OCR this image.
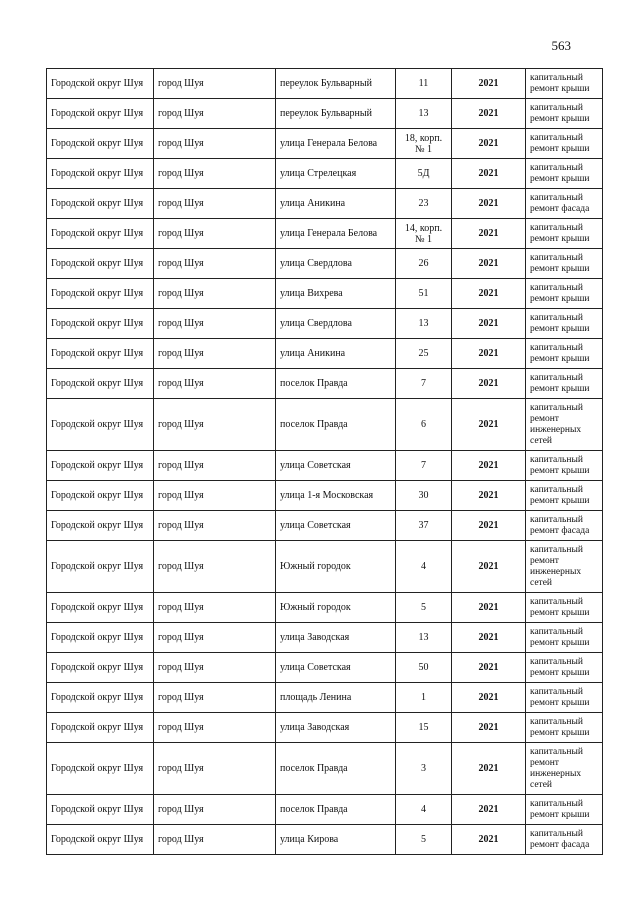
563
Городской округ Шуя	город Шуя	переулок Бульварный	11	2021	капитальный ремонт крыши
Городской округ Шуя	город Шуя	переулок Бульварный	13	2021	капитальный ремонт крыши
Городской округ Шуя	город Шуя	улица Генерала Белова	18, корп. № 1	2021	капитальный ремонт крыши
Городской округ Шуя	город Шуя	улица Стрелецкая	5Д	2021	капитальный ремонт крыши
Городской округ Шуя	город Шуя	улица Аникина	23	2021	капитальный ремонт фасада
Городской округ Шуя	город Шуя	улица Генерала Белова	14, корп. № 1	2021	капитальный ремонт крыши
Городской округ Шуя	город Шуя	улица Свердлова	26	2021	капитальный ремонт крыши
Городской округ Шуя	город Шуя	улица Вихрева	51	2021	капитальный ремонт крыши
Городской округ Шуя	город Шуя	улица Свердлова	13	2021	капитальный ремонт крыши
Городской округ Шуя	город Шуя	улица Аникина	25	2021	капитальный ремонт крыши
Городской округ Шуя	город Шуя	поселок Правда	7	2021	капитальный ремонт крыши
Городской округ Шуя	город Шуя	поселок Правда	6	2021	капитальный ремонт инженерных сетей
Городской округ Шуя	город Шуя	улица Советская	7	2021	капитальный ремонт крыши
Городской округ Шуя	город Шуя	улица 1-я Московская	30	2021	капитальный ремонт крыши
Городской округ Шуя	город Шуя	улица Советская	37	2021	капитальный ремонт фасада
Городской округ Шуя	город Шуя	Южный городок	4	2021	капитальный ремонт инженерных сетей
Городской округ Шуя	город Шуя	Южный городок	5	2021	капитальный ремонт крыши
Городской округ Шуя	город Шуя	улица Заводская	13	2021	капитальный ремонт крыши
Городской округ Шуя	город Шуя	улица Советская	50	2021	капитальный ремонт крыши
Городской округ Шуя	город Шуя	площадь Ленина	1	2021	капитальный ремонт крыши
Городской округ Шуя	город Шуя	улица Заводская	15	2021	капитальный ремонт крыши
Городской округ Шуя	город Шуя	поселок Правда	3	2021	капитальный ремонт инженерных сетей
Городской округ Шуя	город Шуя	поселок Правда	4	2021	капитальный ремонт крыши
Городской округ Шуя	город Шуя	улица Кирова	5	2021	капитальный ремонт фасада
